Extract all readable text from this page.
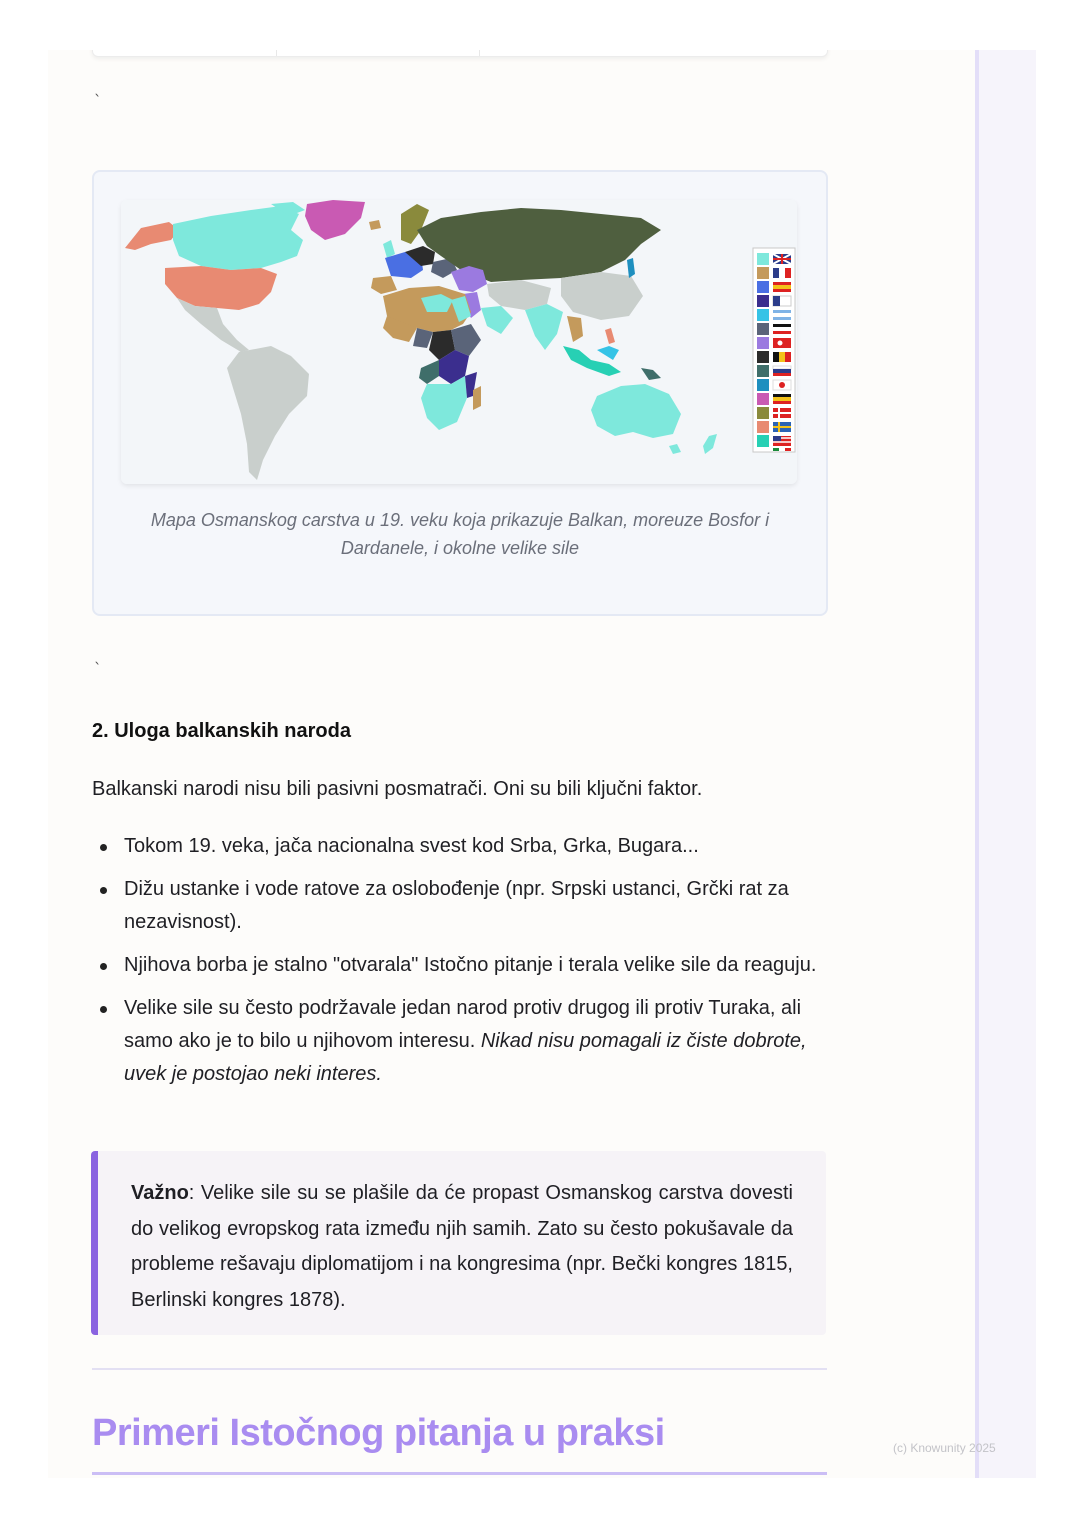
`
Mapa Osmanskog carstva u 19. veku koja prikazuje Balkan, moreuze Bosfor i Dardanele, i okolne velike sile
`
2. Uloga balkanskih naroda

Balkanski narodi nisu bili pasivni posmatrači. Oni su bili ključni faktor.

Tokom 19. veka, jača nacionalna svest kod Srba, Grka, Bugara...
Dižu ustanke i vode ratove za oslobođenje (npr. Srpski ustanci, Grčki rat za nezavisnost).
Njihova borba je stalno "otvarala" Istočno pitanje i terala velike sile da reaguju.
Velike sile su često podržavale jedan narod protiv drugog ili protiv Turaka, ali samo ako je to bilo u njihovom interesu. Nikad nisu pomagali iz čiste dobrote, uvek je postojao neki interes.
Važno: Velike sile su se plašile da će propast Osmanskog carstva dovesti do velikog evropskog rata između njih samih. Zato su često pokušavale da probleme rešavaju diplomatijom i na kongresima (npr. Bečki kongres 1815, Berlinski kongres 1878).
Primeri Istočnog pitanja u praksi	(c) Knowunity 2025
